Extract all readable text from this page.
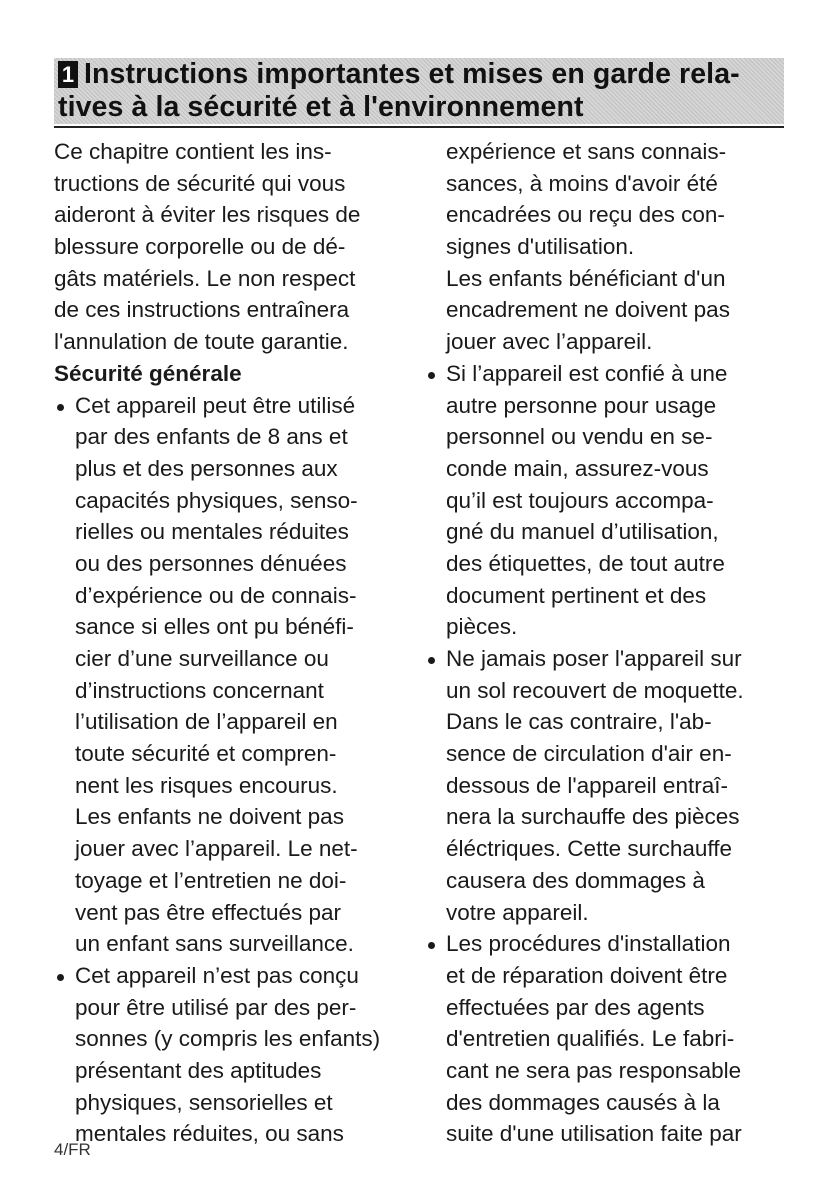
1 Instructions importantes et mises en garde rela-
tives à la sécurité et à l'environnement
Ce chapitre contient les ins-
tructions de sécurité qui vous
aideront à éviter les risques de
blessure corporelle ou de dé-
gâts matériels. Le non respect
de ces instructions entraînera
l'annulation de toute garantie.
Sécurité générale
Cet appareil peut être utilisé
par des enfants de 8 ans et
plus et des personnes aux
capacités physiques, senso-
rielles ou mentales réduites
ou des personnes dénuées
d’expérience ou de connais-
sance si elles ont pu bénéfi-
cier d’une surveillance ou
d’instructions concernant
l’utilisation de l’appareil en
toute sécurité et compren-
nent les risques encourus.
Les enfants ne doivent pas
jouer avec l’appareil. Le net-
toyage et l’entretien ne doi-
vent pas être effectués par
un enfant sans surveillance.
Cet appareil n’est pas conçu
pour être utilisé par des per-
sonnes (y compris les enfants)
présentant des aptitudes
physiques, sensorielles et
mentales réduites, ou sans
expérience et sans connais-
sances, à moins d'avoir été
encadrées ou reçu des con-
signes d'utilisation.
Les enfants bénéficiant d'un
encadrement ne doivent pas
jouer avec l’appareil.
Si l’appareil est confié à une
autre personne pour usage
personnel ou vendu en se-
conde main, assurez-vous
qu’il est toujours accompa-
gné du manuel d’utilisation,
des étiquettes, de tout autre
document pertinent et des
pièces.
Ne jamais poser l'appareil sur
un sol recouvert de moquette.
Dans le cas contraire, l'ab-
sence de circulation d'air en-
dessous de l'appareil entraî-
nera la surchauffe des pièces
éléctriques. Cette surchauffe
causera des dommages à
votre appareil.
Les procédures d'installation
et de réparation doivent être
effectuées par des agents
d'entretien qualifiés. Le fabri-
cant ne sera pas responsable
des dommages causés à la
suite d'une utilisation faite par
4/FR
